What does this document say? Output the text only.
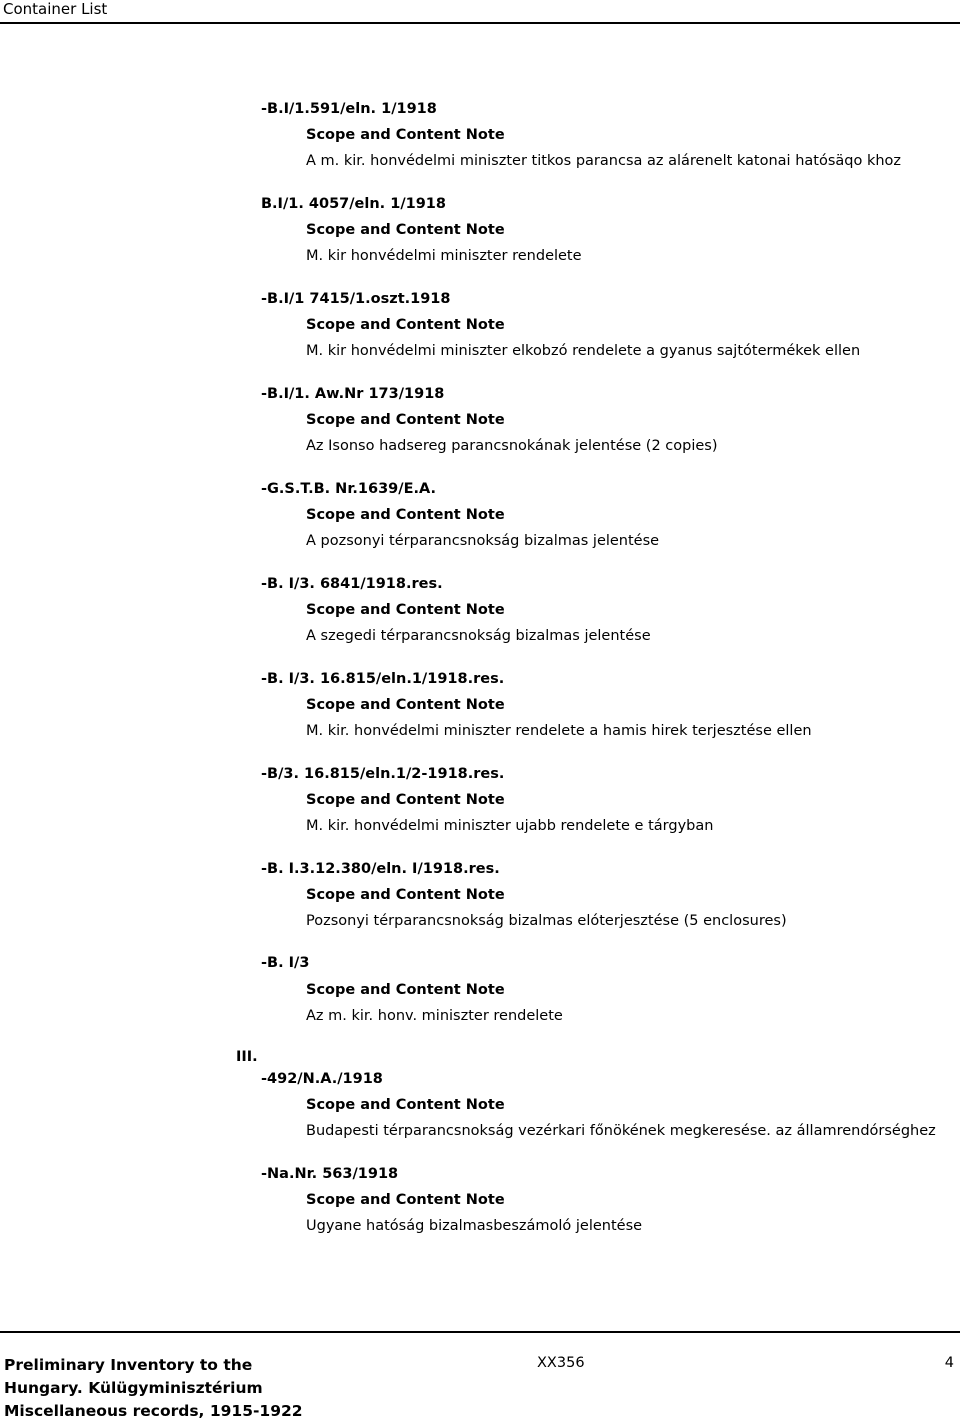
Container List
-B.I/1.591/eln. 1/1918
Scope and Content Note
A m. kir. honvédelmi miniszter titkos parancsa az alárenelt katonai hatósäqo khoz
B.I/1. 4057/eln. 1/1918
Scope and Content Note
M. kir honvédelmi miniszter rendelete
-B.I/1 7415/1.oszt.1918
Scope and Content Note
M. kir honvédelmi miniszter elkobzó rendelete a gyanus sajtótermékek ellen
-B.I/1. Aw.Nr 173/1918
Scope and Content Note
Az Isonso hadsereg parancsnokának jelentése (2 copies)
-G.S.T.B. Nr.1639/E.A.
Scope and Content Note
A pozsonyi térparancsnokság bizalmas jelentése
-B. I/3. 6841/1918.res.
Scope and Content Note
A szegedi térparancsnokság bizalmas jelentése
-B. I/3. 16.815/eln.1/1918.res.
Scope and Content Note
M. kir. honvédelmi miniszter rendelete a hamis hirek terjesztése ellen
-B/3. 16.815/eln.1/2-1918.res.
Scope and Content Note
M. kir. honvédelmi miniszter ujabb rendelete e tárgyban
-B. I.3.12.380/eln. I/1918.res.
Scope and Content Note
Pozsonyi térparancsnokság bizalmas elóterjesztése (5 enclosures)
-B. I/3
Scope and Content Note
Az m. kir. honv. miniszter rendelete
III.
-492/N.A./1918
Scope and Content Note
Budapesti térparancsnokság vezérkari főnökének megkeresése. az államrendórséghez
-Na.Nr. 563/1918
Scope and Content Note
Ugyane hatóság bizalmasbeszámoló jelentése
Preliminary Inventory to the
Hungary. Külügyminisztérium
Miscellaneous records, 1915-1922
XX356	4
